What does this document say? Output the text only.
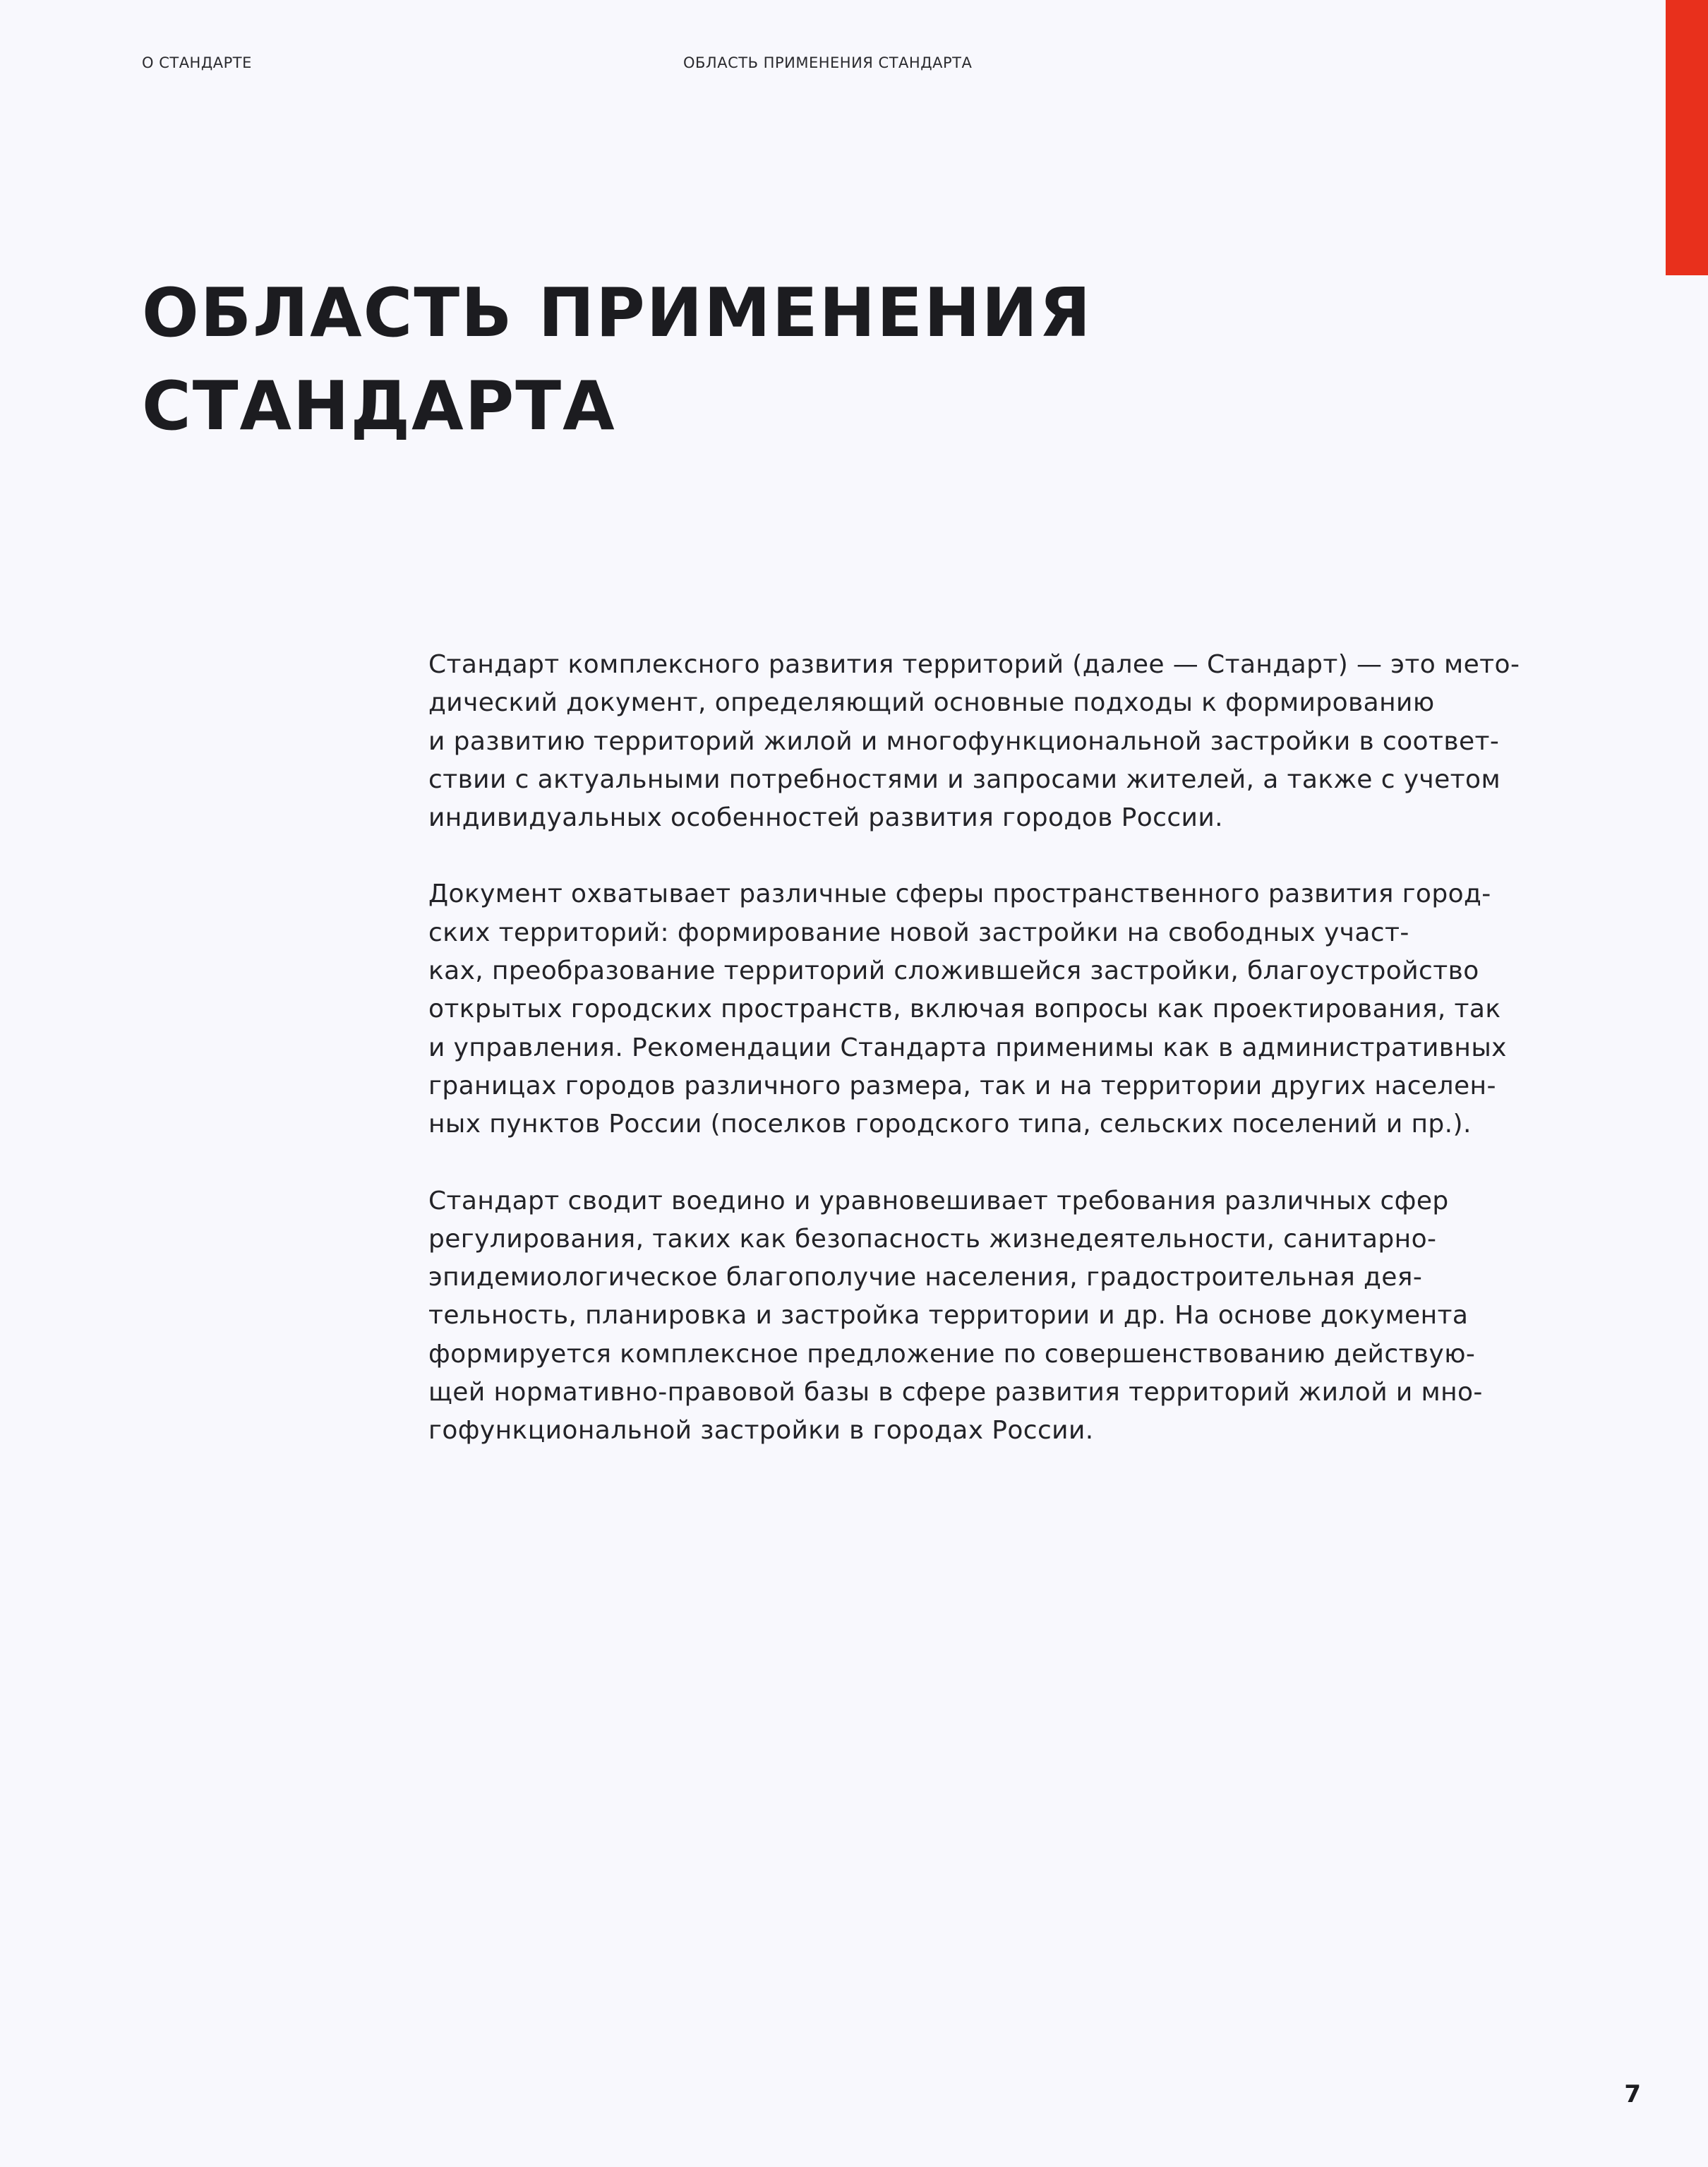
О СТАНДАРТЕ	ОБЛАСТЬ ПРИМЕНЕНИЯ СТАНДАРТА
ОБЛАСТЬ ПРИМЕНЕНИЯ
СТАНДАРТА

Стандарт комплексного развития территорий (далее — Стандарт) — это мето-
дический документ, определяющий основные подходы к формированию
и развитию территорий жилой и многофункциональной застройки в соответ-
ствии с актуальными потребностями и запросами жителей, а также с учетом
индивидуальных особенностей развития городов России.

Документ охватывает различные сферы пространственного развития город-
ских территорий: формирование новой застройки на свободных участ-
ках, преобразование территорий сложившейся застройки, благоустройство
открытых городских пространств, включая вопросы как проектирования, так
и управления. Рекомендации Стандарта применимы как в административных
границах городов различного размера, так и на территории других населен-
ных пунктов России (поселков городского типа, сельских поселений и пр.).

Стандарт сводит воедино и уравновешивает требования различных сфер
регулирования, таких как безопасность жизнедеятельности, санитарно-
эпидемиологическое благополучие населения, градостроительная дея-
тельность, планировка и застройка территории и др. На основе документа
формируется комплексное предложение по совершенствованию действую-
щей нормативно-правовой базы в сфере развития территорий жилой и мно-
гофункциональной застройки в городах России.

7
